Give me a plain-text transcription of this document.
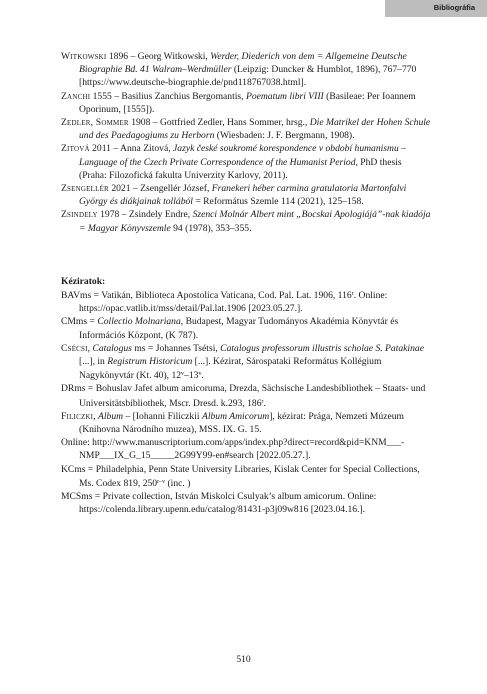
Bibliográfia

Witkowski 1896 – Georg Witkowski, Werder, Diederich von dem = Allgemeine Deutsche Biographie Bd. 41 Walram–Werdmüller (Leipzig: Duncker & Humblot, 1896), 767–770 [https://www.deutsche-biographie.de/pnd118767038.html].

Zanchi 1555 – Basilius Zanchius Bergomantis, Poematum libri VIII (Basileae: Per Ioannem Oporinum, [1555]).

Zedler, Sommer 1908 – Gottfried Zedler, Hans Sommer, hrsg., Die Matrikel der Hohen Schule und des Paedagogiums zu Herborn (Wiesbaden: J. F. Bergmann, 1908).

Zitová 2011 – Anna Zitová, Jazyk české soukromé korespondence v období humanismu – Language of the Czech Private Correspondence of the Humanist Period, PhD thesis (Praha: Filozofická fakulta Univerzity Karlovy, 2011).

Zsengellér 2021 – Zsengellér József, Franekeri héber carmina gratulatoria Martonfalvi György és diákjainak tollából = Református Szemle 114 (2021), 125–158.

Zsindely 1978 – Zsindely Endre, Szenci Molnár Albert mint „Bocskai Apologiájá”-nak kiadója = Magyar Könyvszemle 94 (1978), 353–355.

Kéziratok:

BAVms = Vatikán, Biblioteca Apostolica Vaticana, Cod. Pal. Lat. 1906, 116$^r$. Online: https://opac.vatlib.it/mss/detail/Pal.lat.1906 [2023.05.27.].

CMms = Collectio Molnariana, Budapest, Magyar Tudományos Akadémia Könyvtár és Információs Központ, (K 787).

Csécsi, Catalogus ms = Johannes Tsétsi, Catalogus professorum illustris scholae S. Patakinae [...], in Registrum Historicum [...]. Kézirat, Sárospataki Református Kollégium Nagykönyvtár (Kt. 40), 12$^v$–13$^v$.

DRms = Bohuslav Jafet album amicoruma, Drezda, Sächsische Landesbibliothek – Staats- und Universitätsbibliothek, Mscr. Dresd. k.293, 186$^r$.

Filiczki, Album – [Iohanni Filiczkii Album Amicorum], kézirat: Prága, Nemzeti Múzeum (Knihovna Národního muzea), MSS. IX. G. 15.

Online: http://www.manuscriptorium.com/apps/index.php?direct=record&pid=KNM___-NMP___IX_G_15_____2G99Y99-en#search [2022.05.27.].

KCms = Philadelphia, Penn State University Libraries, Kislak Center for Special Collections, Ms. Codex 819, 250$^{r-v}$ (inc. )

MCSms = Private collection, István Miskolci Csulyak’s album amicorum. Online: https://colenda.library.upenn.edu/catalog/81431-p3j09w816 [2023.04.16.].

510
